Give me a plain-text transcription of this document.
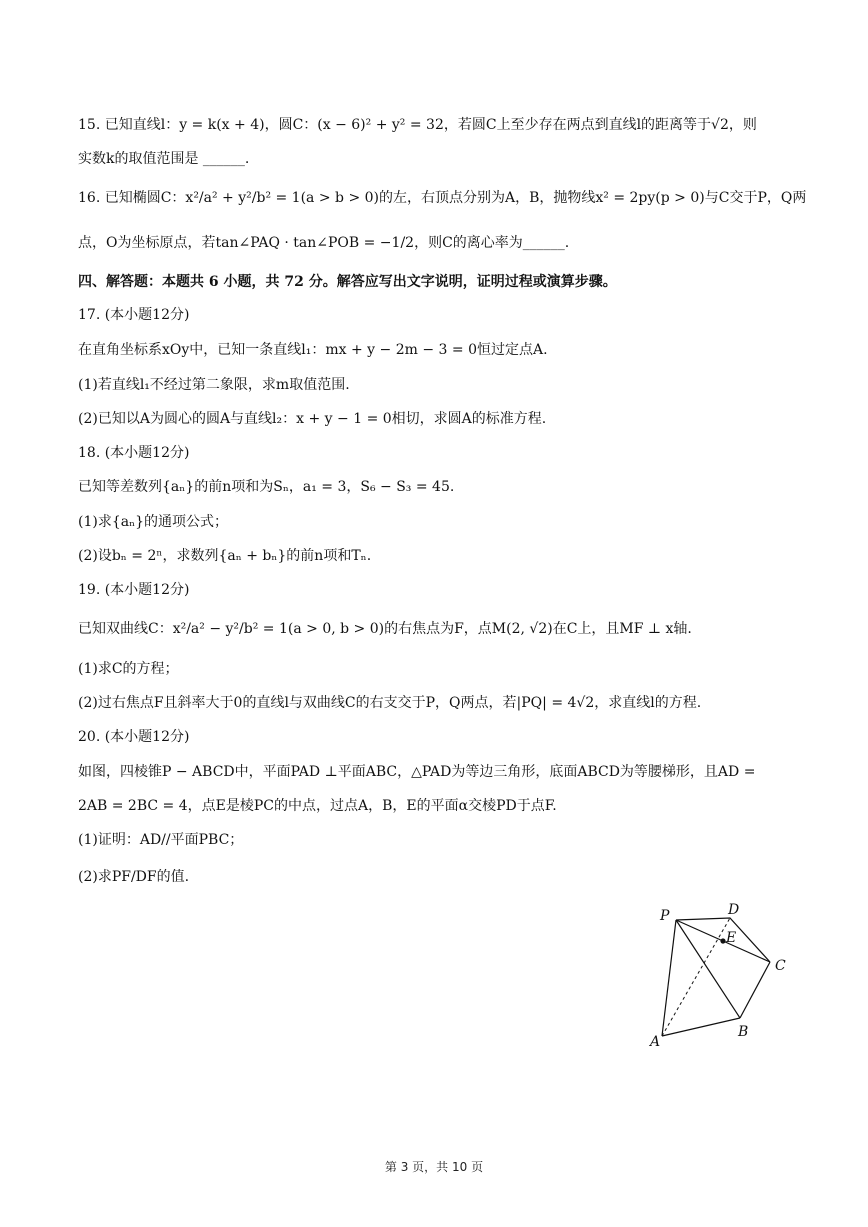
15. 已知直线l：y = k(x + 4)，圆C：(x − 6)² + y² = 32，若圆C上至少存在两点到直线l的距离等于√2，则
实数k的取值范围是 ______.
16. 已知椭圆C：x²/a² + y²/b² = 1(a > b > 0)的左，右顶点分别为A，B，抛物线x² = 2py(p > 0)与C交于P，Q两
点，O为坐标原点，若tan∠PAQ · tan∠POB = −1/2，则C的离心率为______.
四、解答题：本题共 6 小题，共 72 分。解答应写出文字说明，证明过程或演算步骤。
17. (本小题12分)
在直角坐标系xOy中，已知一条直线l₁：mx + y − 2m − 3 = 0恒过定点A.
(1)若直线l₁不经过第二象限，求m取值范围.
(2)已知以A为圆心的圆A与直线l₂：x + y − 1 = 0相切，求圆A的标准方程.
18. (本小题12分)
已知等差数列{aₙ}的前n项和为Sₙ，a₁ = 3，S₆ − S₃ = 45.
(1)求{aₙ}的通项公式；
(2)设bₙ = 2ⁿ，求数列{aₙ + bₙ}的前n项和Tₙ.
19. (本小题12分)
已知双曲线C：x²/a² − y²/b² = 1(a > 0, b > 0)的右焦点为F，点M(2, √2)在C上，且MF ⊥ x轴.
(1)求C的方程；
(2)过右焦点F且斜率大于0的直线l与双曲线C的右支交于P，Q两点，若|PQ| = 4√2，求直线l的方程.
20. (本小题12分)
如图，四棱锥P − ABCD中，平面PAD ⊥平面ABC，△PAD为等边三角形，底面ABCD为等腰梯形，且AD =
2AB = 2BC = 4，点E是棱PC的中点，过点A，B，E的平面α交棱PD于点F.
(1)证明：AD//平面PBC；
(2)求PF/DF的值.
P	D
E
C
A
B
第 3 页，共 10 页
